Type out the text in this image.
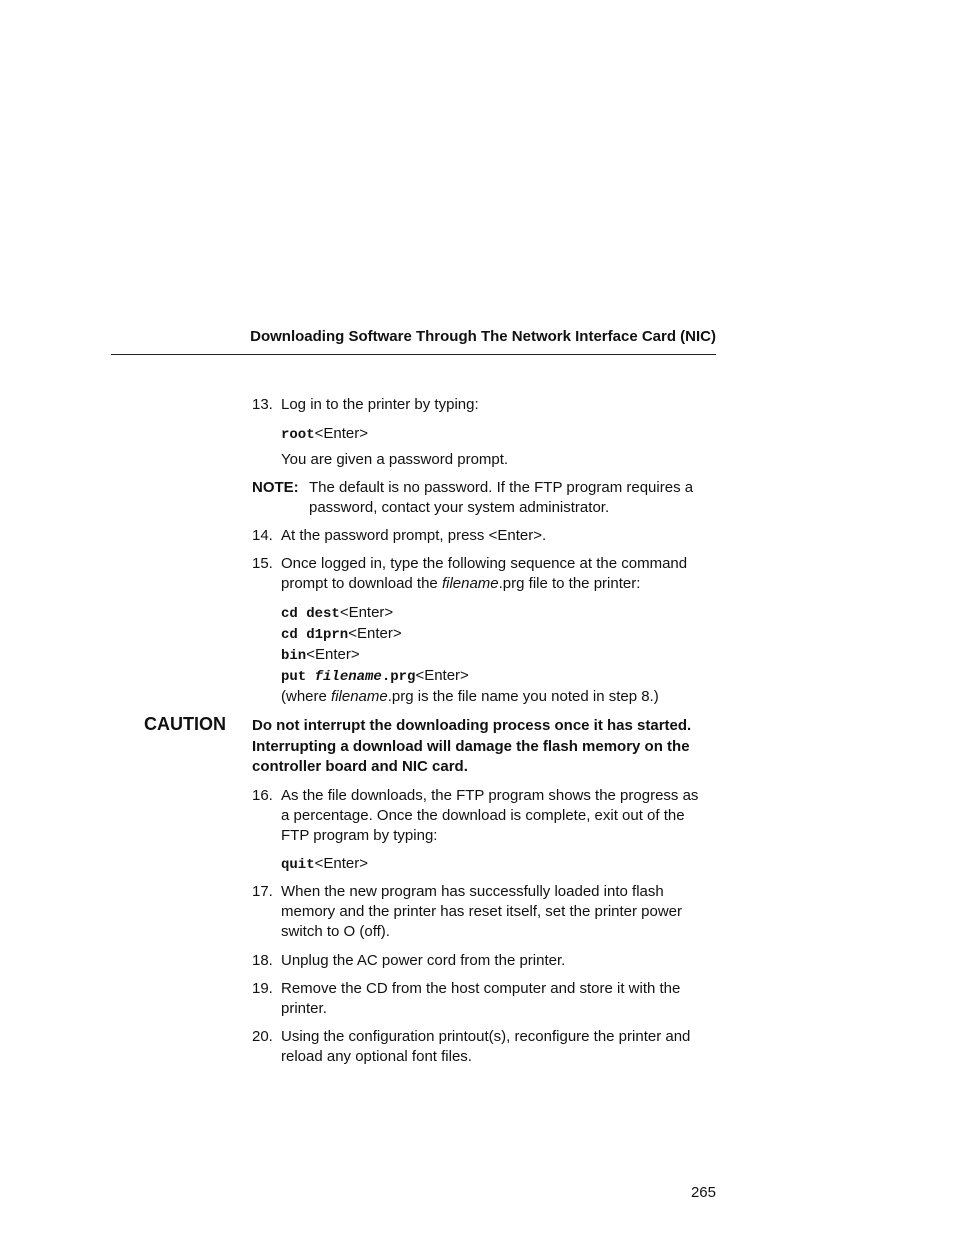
Downloading Software Through The Network Interface Card (NIC)
13. Log in to the printer by typing:
root<Enter>
You are given a password prompt.
NOTE: The default is no password. If the FTP program requires a
password, contact your system administrator.
14. At the password prompt, press <Enter>.
15. Once logged in, type the following sequence at the command
prompt to download the filename.prg file to the printer:
cd dest<Enter>
cd d1prn<Enter>
bin<Enter>
put filename.prg<Enter>
(where filename.prg is the file name you noted in step 8.)
CAUTION Do not interrupt the downloading process once it has started.
Interrupting a download will damage the flash memory on the
controller board and NIC card.
16. As the file downloads, the FTP program shows the progress as
a percentage. Once the download is complete, exit out of the
FTP program by typing:
quit<Enter>
17. When the new program has successfully loaded into flash
memory and the printer has reset itself, set the printer power
switch to O (off).
18. Unplug the AC power cord from the printer.
19. Remove the CD from the host computer and store it with the
printer.
20. Using the configuration printout(s), reconfigure the printer and
reload any optional font files.
265
